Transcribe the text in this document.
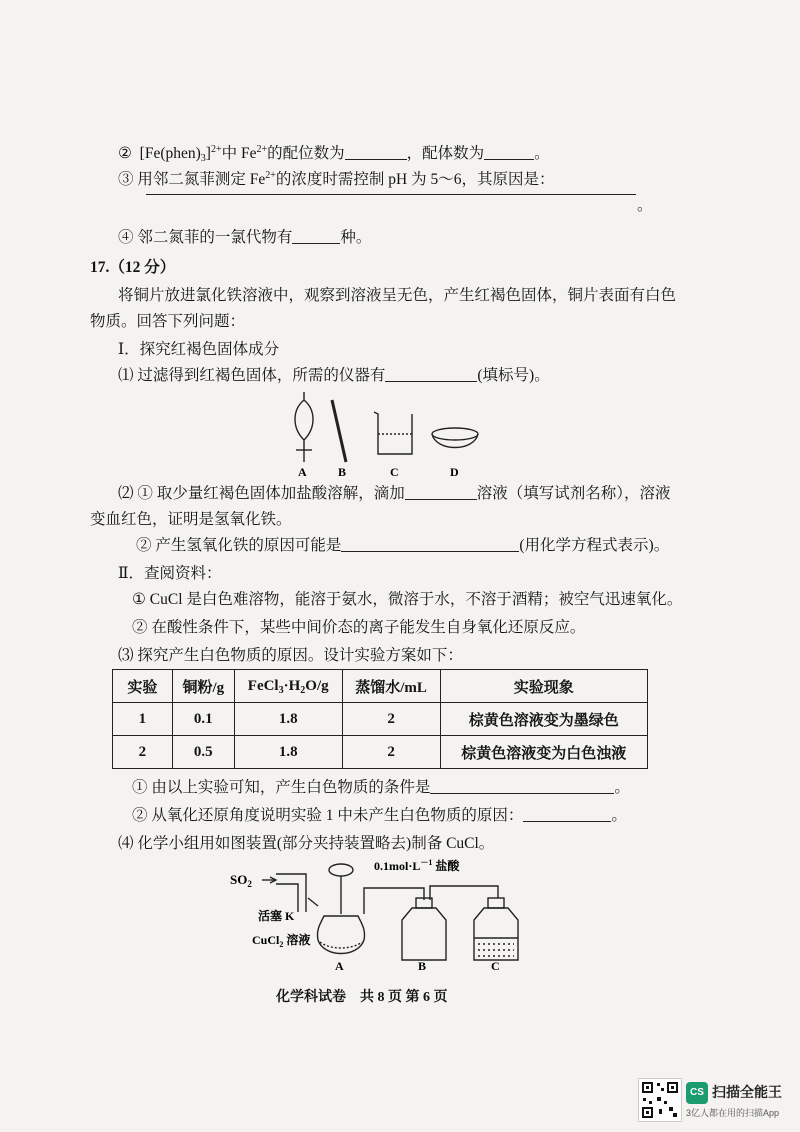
② $[Fe(phen)_3]^{2+}$中 $Fe^{2+}$的配位数为	，配体数为	。
③ 用邻二氮菲测定 $Fe^{2+}$的浓度时需控制 pH 为 5～6，其原因是：
。
④ 邻二氮菲的一氯代物有	种。
17.（12 分）
将铜片放进氯化铁溶液中，观察到溶液呈无色，产生红褐色固体，铜片表面有白色
物质。回答下列问题：
Ⅰ．探究红褐色固体成分
⑴ 过滤得到红褐色固体，所需的仪器有	(填标号)。
A	B	C	D
⑵ ① 取少量红褐色固体加盐酸溶解，滴加	溶液（填写试剂名称），溶液
变血红色，证明是氢氧化铁。
② 产生氢氧化铁的原因可能是	(用化学方程式表示)。
Ⅱ．查阅资料：
① CuCl 是白色难溶物，能溶于氨水，微溶于水，不溶于酒精；被空气迅速氧化。
② 在酸性条件下，某些中间价态的离子能发生自身氧化还原反应。
⑶ 探究产生白色物质的原因。设计实验方案如下：
实验	铜粉/g	$FeCl_3\cdot H_2O/g$	蒸馏水/mL	实验现象
1	0.1	1.8	2	棕黄色溶液变为墨绿色
2	0.5	1.8	2	棕黄色溶液变为白色浊液
① 由以上实验可知，产生白色物质的条件是	。
② 从氧化还原角度说明实验 1 中未产生白色物质的原因：	。
⑷ 化学小组用如图装置(部分夹持装置略去)制备 CuCl。
$SO_2$
$0.1mol\cdot L^{-1}$ 盐酸
活塞 K
CuCl$_2$ 溶液
A	B	C
化学科试卷　共 8 页 第 6 页
CS 扫描全能王
3亿人都在用的扫描App
